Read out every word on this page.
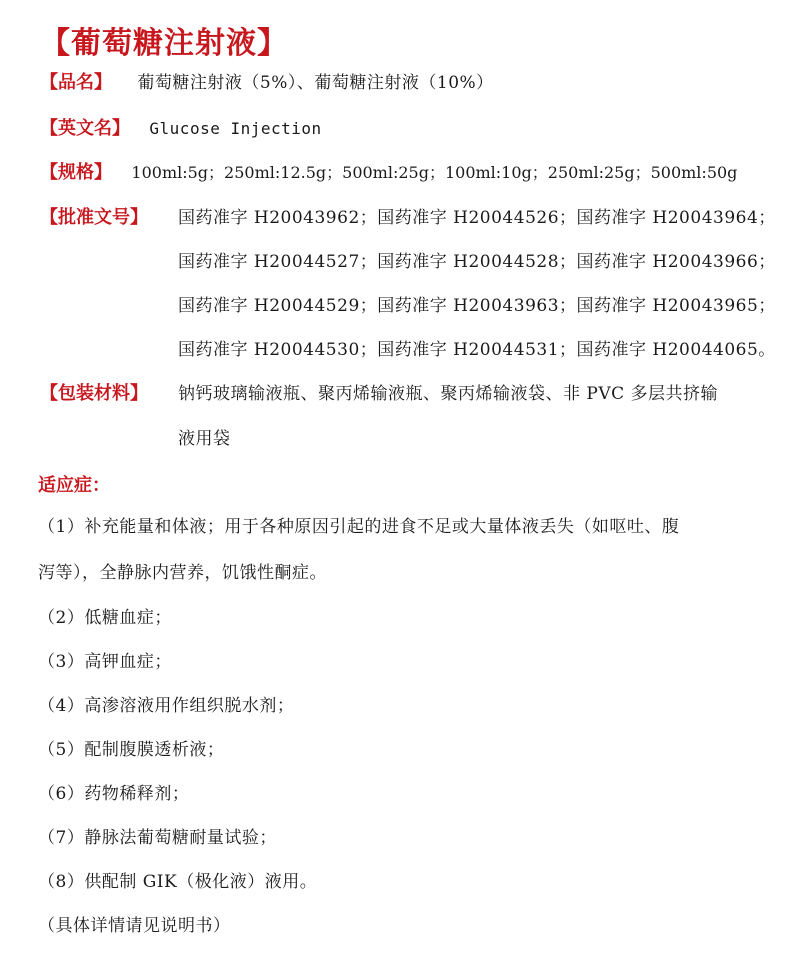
【葡萄糖注射液】
【品名】 葡萄糖注射液（5%）、葡萄糖注射液（10%）
【英文名】 Glucose Injection
【规格】 100ml:5g；250ml:12.5g；500ml:25g；100ml:10g；250ml:25g；500ml:50g
【批准文号】 国药准字 H20043962；国药准字 H20044526；国药准字 H20043964；
国药准字 H20044527；国药准字 H20044528；国药准字 H20043966；
国药准字 H20044529；国药准字 H20043963；国药准字 H20043965；
国药准字 H20044530；国药准字 H20044531；国药准字 H20044065。
【包装材料】 钠钙玻璃输液瓶、聚丙烯输液瓶、聚丙烯输液袋、非 PVC 多层共挤输
液用袋
适应症：
（1）补充能量和体液；用于各种原因引起的进食不足或大量体液丢失（如呕吐、腹
泻等），全静脉内营养，饥饿性酮症。
（2）低糖血症；
（3）高钾血症；
（4）高渗溶液用作组织脱水剂；
（5）配制腹膜透析液；
（6）药物稀释剂；
（7）静脉法葡萄糖耐量试验；
（8）供配制 GIK（极化液）液用。
（具体详情请见说明书）
